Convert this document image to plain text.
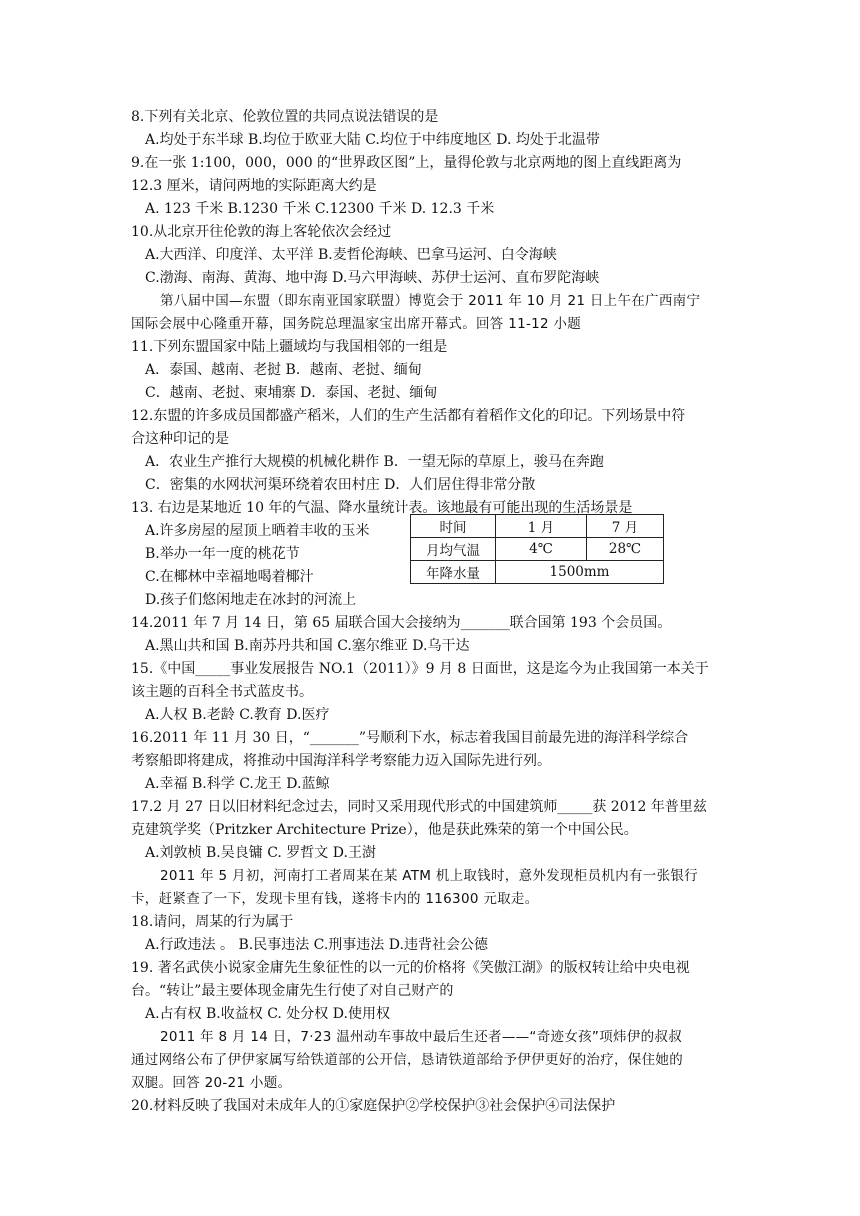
8.下列有关北京、伦敦位置的共同点说法错误的是
A.均处于东半球 B.均位于欧亚大陆 C.均位于中纬度地区 D. 均处于北温带
9.在一张 1:100，000，000 的“世界政区图”上，量得伦敦与北京两地的图上直线距离为
12.3 厘米，请问两地的实际距离大约是
A. 123 千米 B.1230 千米 C.12300 千米 D. 12.3 千米
10.从北京开往伦敦的海上客轮依次会经过
A.大西洋、印度洋、太平洋 B.麦哲伦海峡、巴拿马运河、白令海峡
C.渤海、南海、黄海、地中海 D.马六甲海峡、苏伊士运河、直布罗陀海峡
第八届中国—东盟（即东南亚国家联盟）博览会于 2011 年 10 月 21 日上午在广西南宁
国际会展中心隆重开幕，国务院总理温家宝出席开幕式。回答 11-12 小题
11.下列东盟国家中陆上疆域均与我国相邻的一组是
A．泰国、越南、老挝 B．越南、老挝、缅甸
C．越南、老挝、柬埔寨 D．泰国、老挝、缅甸
12.东盟的许多成员国都盛产稻米，人们的生产生活都有着稻作文化的印记。下列场景中符
合这种印记的是
A．农业生产推行大规模的机械化耕作 B．一望无际的草原上，骏马在奔跑
C．密集的水网状河渠环绕着农田村庄 D．人们居住得非常分散
13. 右边是某地近 10 年的气温、降水量统计表。该地最有可能出现的生活场景是
A.许多房屋的屋顶上晒着丰收的玉米
B.举办一年一度的桃花节
C.在椰林中幸福地喝着椰汁
D.孩子们悠闲地走在冰封的河流上
时间	1 月	7 月
月均气温	4℃	28℃
年降水量	1500mm	
14.2011 年 7 月 14 日，第 65 届联合国大会接纳为_______联合国第 193 个会员国。
A.黑山共和国 B.南苏丹共和国 C.塞尔维亚 D.乌干达
15.《中国_____事业发展报告 NO.1（2011）》9 月 8 日面世，这是迄今为止我国第一本关于
该主题的百科全书式蓝皮书。
A.人权 B.老龄 C.教育 D.医疗
16.2011 年 11 月 30 日，“_______”号顺利下水，标志着我国目前最先进的海洋科学综合
考察船即将建成，将推动中国海洋科学考察能力迈入国际先进行列。
A.幸福 B.科学 C.龙王 D.蓝鲸
17.2 月 27 日以旧材料纪念过去，同时又采用现代形式的中国建筑师_____获 2012 年普里兹
克建筑学奖（Pritzker Architecture Prize），他是获此殊荣的第一个中国公民。
A.刘敦桢 B.吴良镛 C. 罗哲文 D.王澍
2011 年 5 月初，河南打工者周某在某 ATM 机上取钱时，意外发现柜员机内有一张银行
卡，赶紧查了一下，发现卡里有钱，遂将卡内的 116300 元取走。
18.请问，周某的行为属于
A.行政违法 。 B.民事违法 C.刑事违法 D.违背社会公德
19. 著名武侠小说家金庸先生象征性的以一元的价格将《笑傲江湖》的版权转让给中央电视
台。“转让”最主要体现金庸先生行使了对自己财产的
A.占有权 B.收益权 C. 处分权 D.使用权
2011 年 8 月 14 日，7·23 温州动车事故中最后生还者——“奇迹女孩”项炜伊的叔叔
通过网络公布了伊伊家属写给铁道部的公开信，恳请铁道部给予伊伊更好的治疗，保住她的
双腿。回答 20-21 小题。
20.材料反映了我国对未成年人的①家庭保护②学校保护③社会保护④司法保护
